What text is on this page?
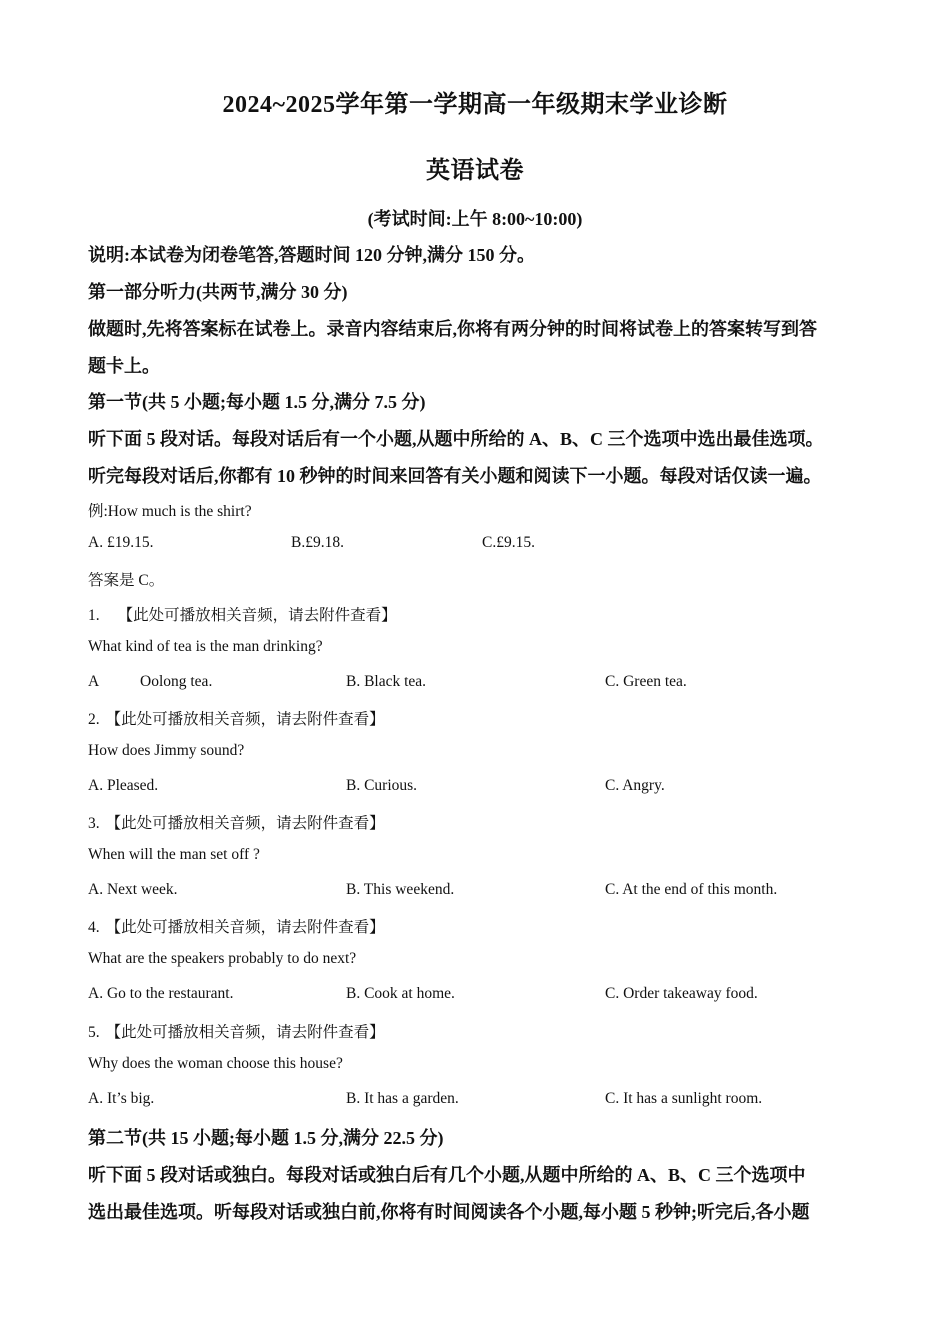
2024~2025学年第一学期高一年级期末学业诊断
英语试卷
(考试时间:上午 8:00~10:00)
说明:本试卷为闭卷笔答,答题时间 120 分钟,满分 150 分。
第一部分听力(共两节,满分 30 分)
做题时,先将答案标在试卷上。录音内容结束后,你将有两分钟的时间将试卷上的答案转写到答
题卡上。
第一节(共 5 小题;每小题 1.5 分,满分 7.5 分)
听下面 5 段对话。每段对话后有一个小题,从题中所给的 A、B、C 三个选项中选出最佳选项。
听完每段对话后,你都有 10 秒钟的时间来回答有关小题和阅读下一小题。每段对话仅读一遍。
例:How much is the shirt?
A. £19.15.	B.£9.18.	C.£9.15.
答案是 C。
1. 【此处可播放相关音频，请去附件查看】
What kind of tea is the man drinking?
A	Oolong tea.	B. Black tea.	C. Green tea.
2. 【此处可播放相关音频，请去附件查看】
How does Jimmy sound?
A. Pleased.	B. Curious.	C. Angry.
3. 【此处可播放相关音频，请去附件查看】
When will the man set off ?
A. Next week.	B. This weekend.	C. At the end of this month.
4. 【此处可播放相关音频，请去附件查看】
What are the speakers probably to do next?
A. Go to the restaurant.	B. Cook at home.	C. Order takeaway food.
5. 【此处可播放相关音频，请去附件查看】
Why does the woman choose this house?
A. It’s big.	B. It has a garden.	C. It has a sunlight room.
第二节(共 15 小题;每小题 1.5 分,满分 22.5 分)
听下面 5 段对话或独白。每段对话或独白后有几个小题,从题中所给的 A、B、C 三个选项中
选出最佳选项。听每段对话或独白前,你将有时间阅读各个小题,每小题 5 秒钟;听完后,各小题
